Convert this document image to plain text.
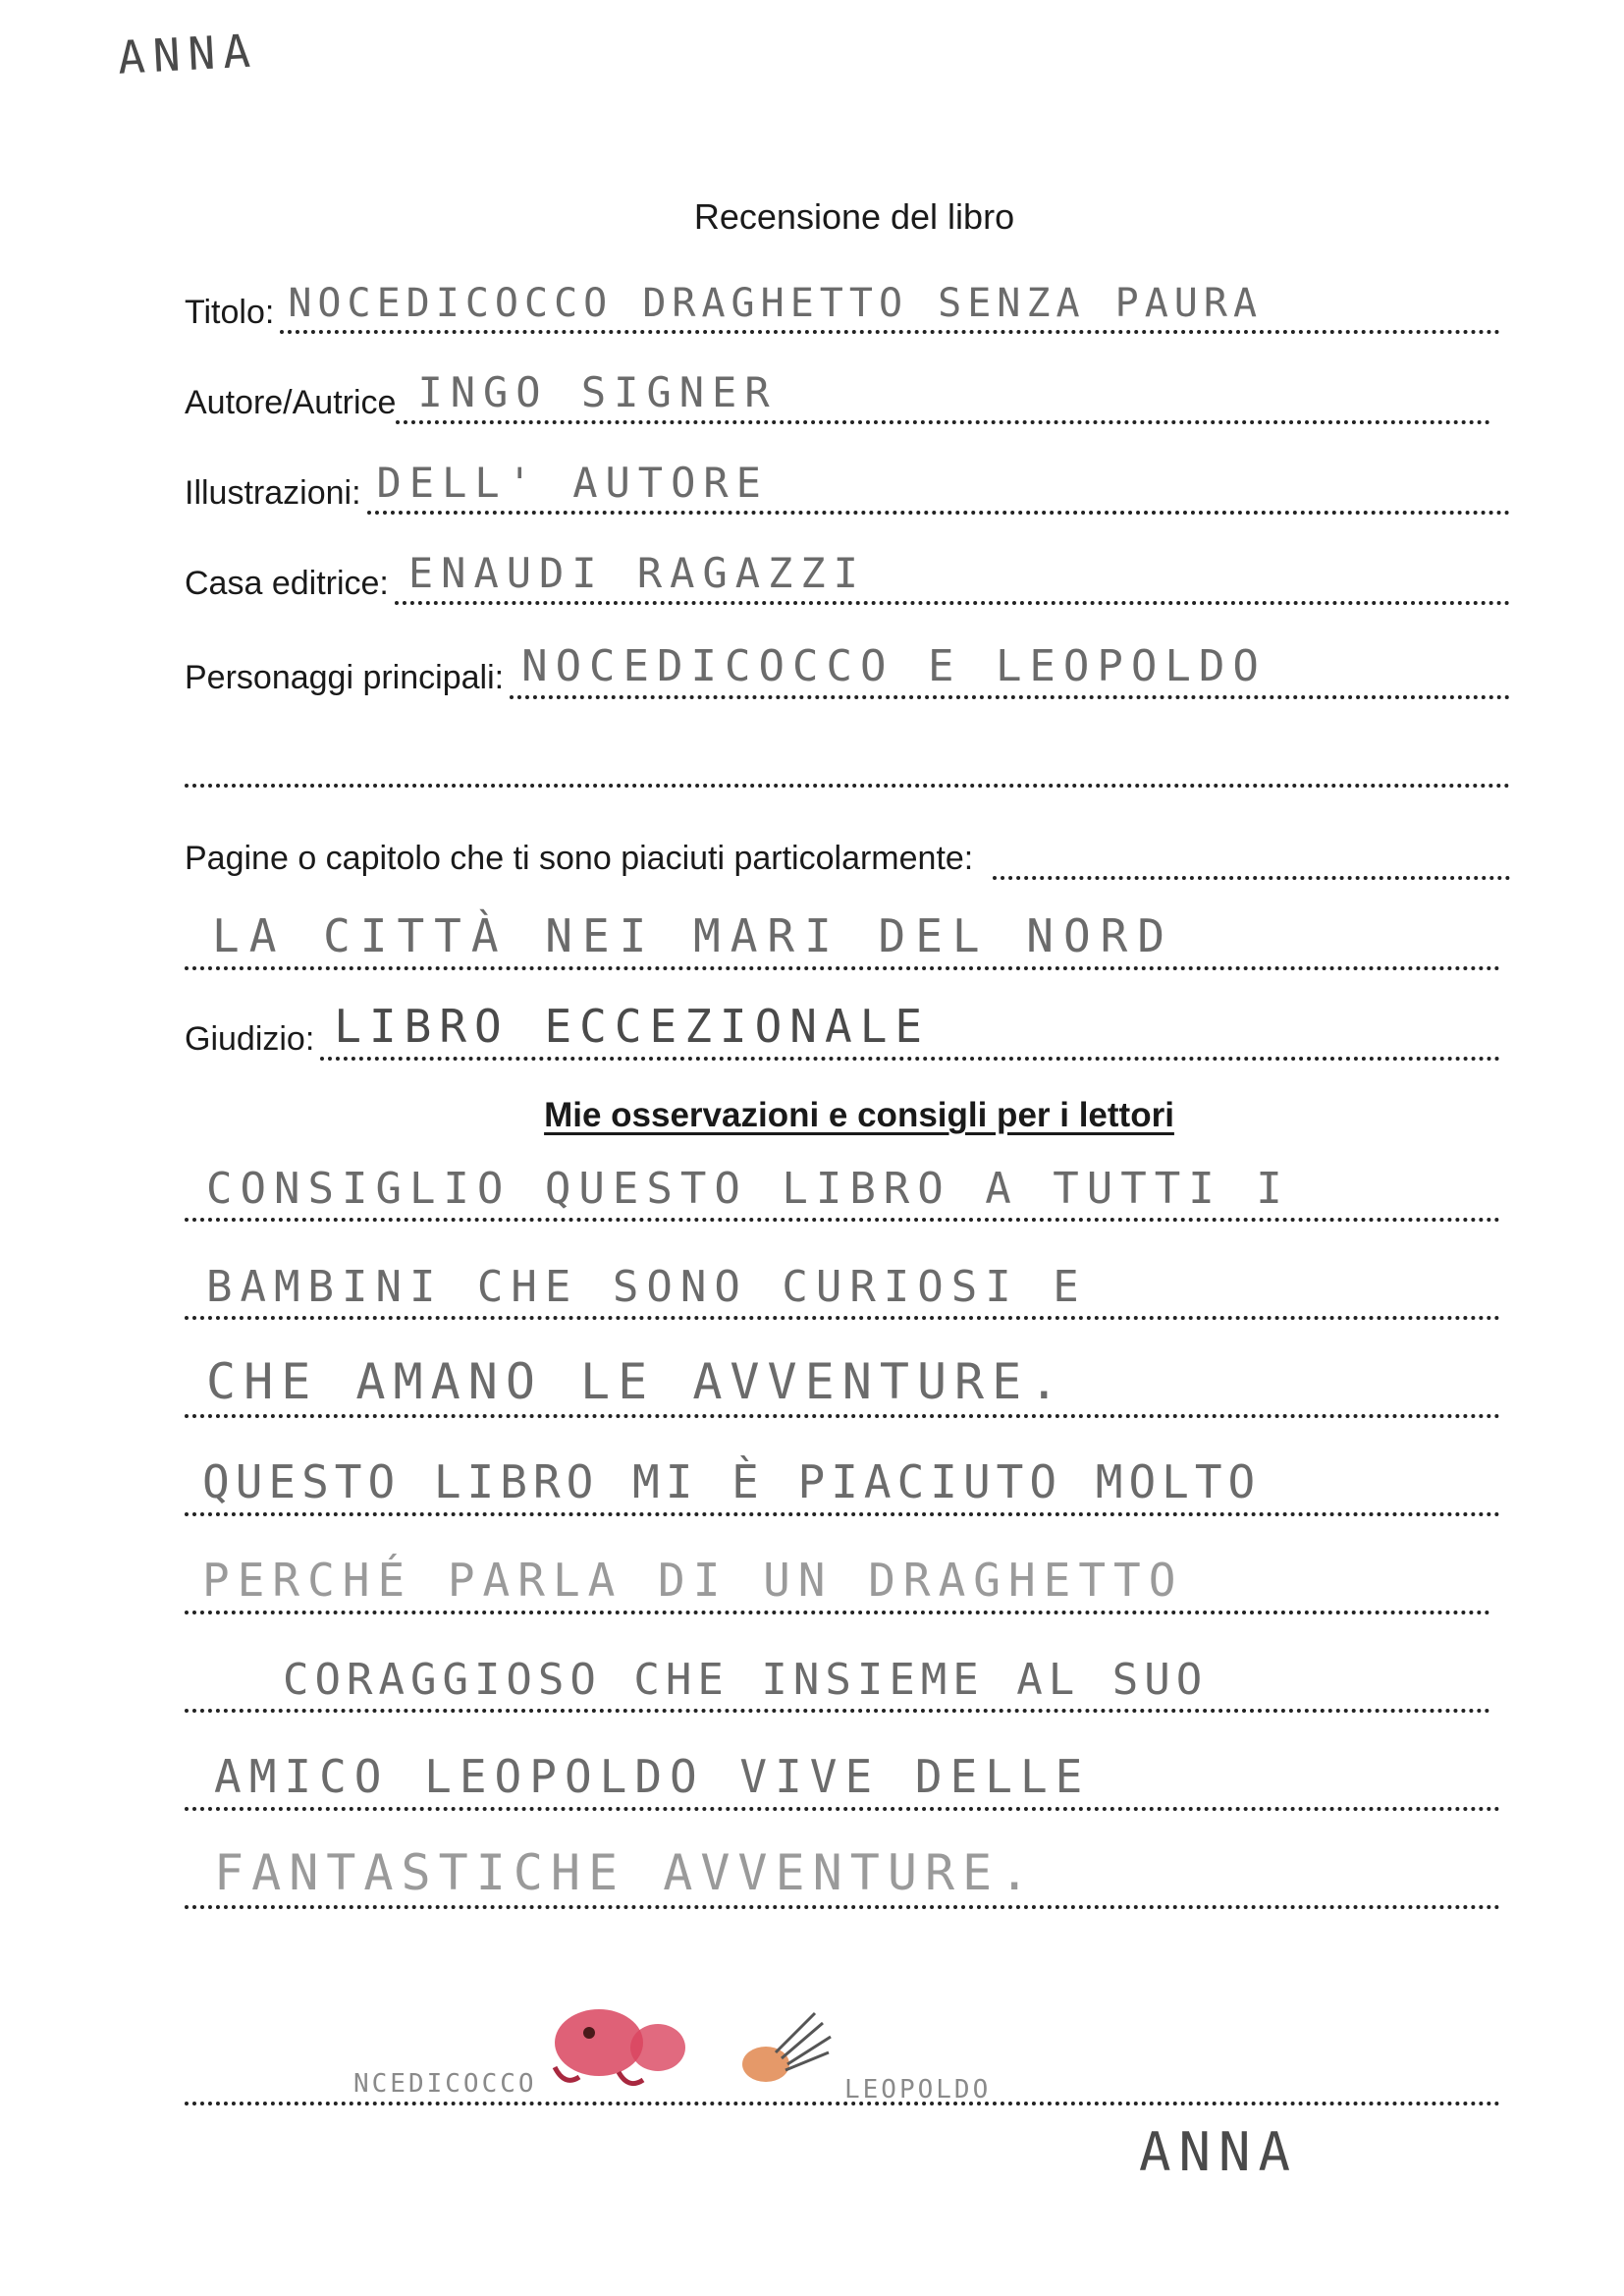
ANNA
Recensione del libro
Titolo: NOCEDICOCCO DRAGHETTO SENZA PAURA
Autore/Autrice INGO SIGNER
Illustrazioni: DELL' AUTORE
Casa editrice: ENAUDI RAGAZZI
Personaggi principali: NOCEDICOCCO E LEOPOLDO
Pagine o capitolo che ti sono piaciuti particolarmente:
LA CITTÀ NEI MARI DEL NORD
Giudizio: LIBRO ECCEZIONALE
Mie osservazioni e consigli per i lettori
CONSIGLIO QUESTO LIBRO A TUTTI I
BAMBINI CHE SONO CURIOSI E
CHE AMANO LE AVVENTURE.
QUESTO LIBRO MI È PIACIUTO MOLTO
PERCHÉ PARLA DI UN DRAGHETTO
CORAGGIOSO CHE INSIEME AL SUO
AMICO LEOPOLDO VIVE DELLE
FANTASTICHE AVVENTURE.
NCEDICOCCO	LEOPOLDO
ANNA
